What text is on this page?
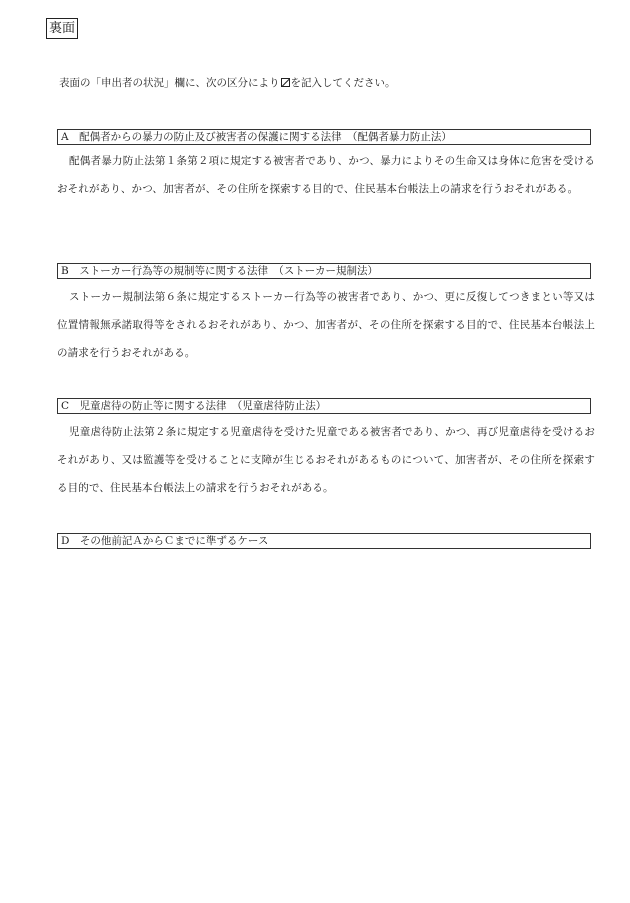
裏面
表面の「申出者の状況」欄に、次の区分により を記入してください。
A　配偶者からの暴力の防止及び被害者の保護に関する法律　（配偶者暴力防止法）
配偶者暴力防止法第１条第２項に規定する被害者であり、かつ、暴力によりその生命又は身体に危害を受けるおそれがあり、かつ、加害者が、その住所を探索する目的で、住民基本台帳法上の請求を行うおそれがある。
B　ストーカー行為等の規制等に関する法律　（ストーカー規制法）
ストーカー規制法第６条に規定するストーカー行為等の被害者であり、かつ、更に反復してつきまとい等又は位置情報無承諾取得等をされるおそれがあり、かつ、加害者が、その住所を探索する目的で、住民基本台帳法上の請求を行うおそれがある。
C　児童虐待の防止等に関する法律　（児童虐待防止法）
児童虐待防止法第２条に規定する児童虐待を受けた児童である被害者であり、かつ、再び児童虐待を受けるおそれがあり、又は監護等を受けることに支障が生じるおそれがあるものについて、加害者が、その住所を探索する目的で、住民基本台帳法上の請求を行うおそれがある。
D　その他前記ＡからＣまでに準ずるケース
